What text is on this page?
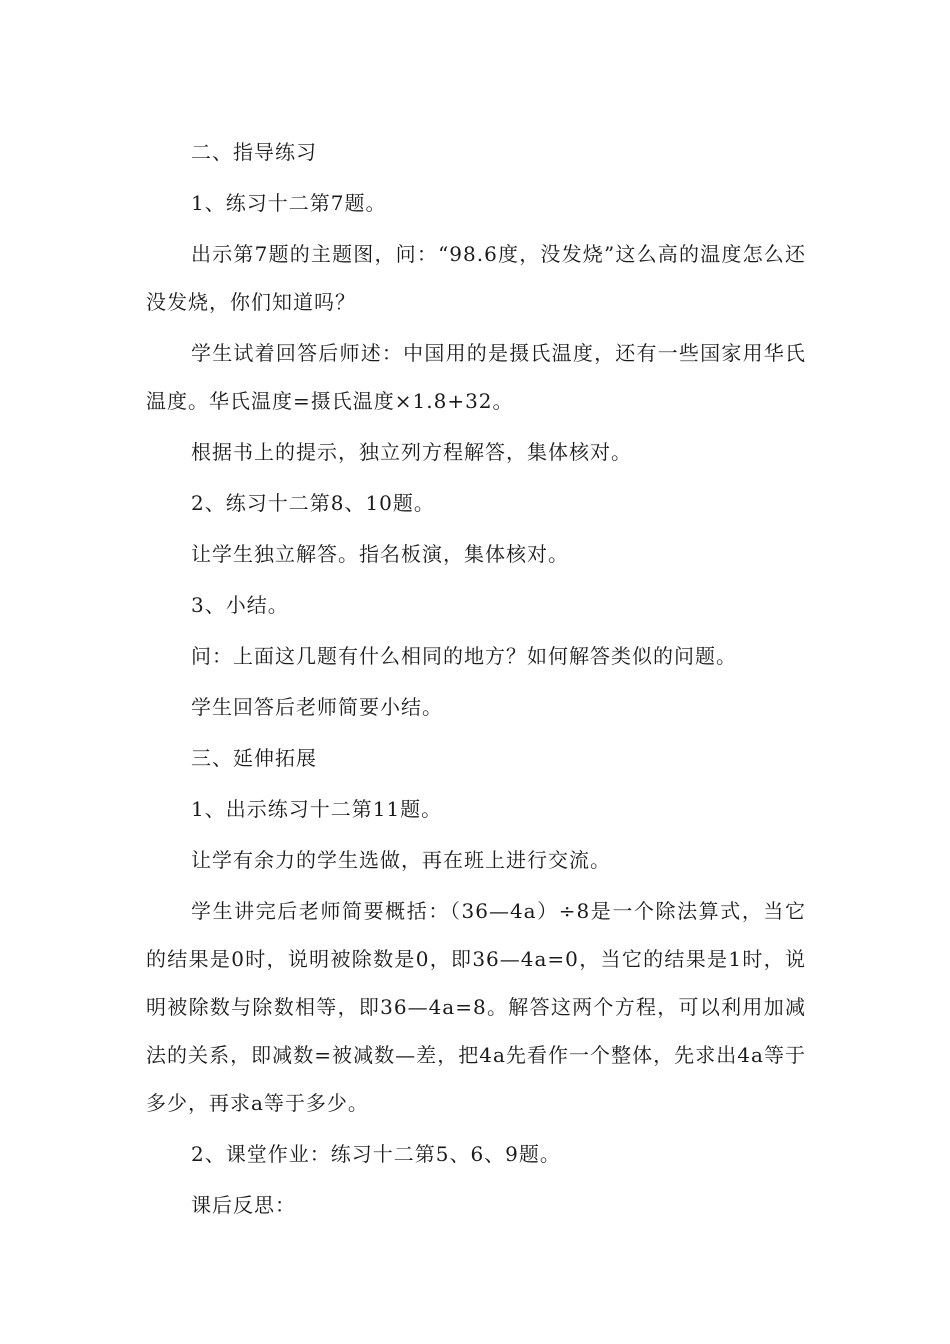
二、指导练习

1、练习十二第7题。

出示第7题的主题图，问：“98.6度，没发烧”这么高的温度怎么还没发烧，你们知道吗？

学生试着回答后师述：中国用的是摄氏温度，还有一些国家用华氏温度。华氏温度=摄氏温度×1.8+32。

根据书上的提示，独立列方程解答，集体核对。

2、练习十二第8、10题。

让学生独立解答。指名板演，集体核对。

3、小结。

问：上面这几题有什么相同的地方？如何解答类似的问题。

学生回答后老师简要小结。

三、延伸拓展

1、出示练习十二第11题。

让学有余力的学生选做，再在班上进行交流。

学生讲完后老师简要概括：（36—4a）÷8是一个除法算式，当它的结果是0时，说明被除数是0，即36—4a=0，当它的结果是1时，说明被除数与除数相等，即36—4a=8。解答这两个方程，可以利用加减法的关系，即减数=被减数—差，把4a先看作一个整体，先求出4a等于多少，再求a等于多少。

2、课堂作业：练习十二第5、6、9题。

课后反思：
